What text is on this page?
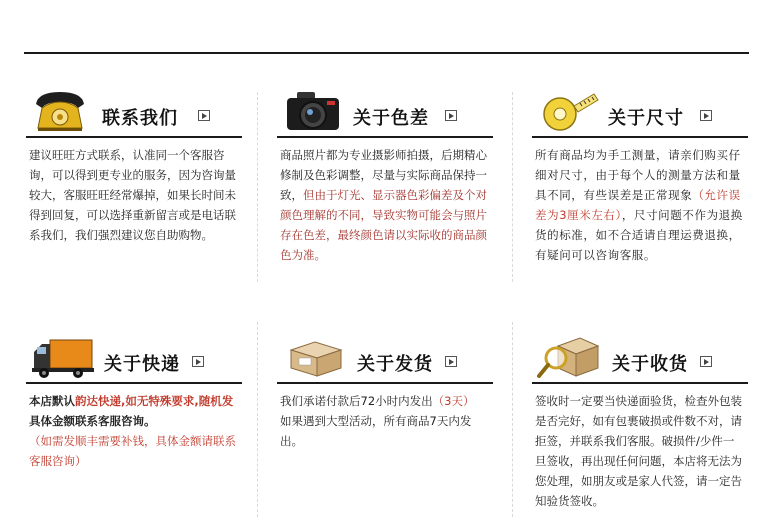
联系我们
建议旺旺方式联系，认准同一个客服咨询，可以得到更专业的服务，因为咨询量较大，客服旺旺经常爆掉，如果长时间未得到回复，可以选择重新留言或是电话联系我们，我们强烈建议您自助购物。
关于色差
商品照片都为专业摄影师拍摄，后期精心修制及色彩调整，尽量与实际商品保持一致，但由于灯光、显示器色彩偏差及个对颜色理解的不同，导致实物可能会与照片存在色差，最终颜色请以实际收的商品颜色为准。
关于尺寸
所有商品均为手工测量，请亲们购买仔细对尺寸，由于每个人的测量方法和量具不同，有些误差是正常现象（允许误差为3厘米左右），尺寸问题不作为退换货的标准，如不合适请自理运费退换，有疑问可以咨询客服。
关于快递
本店默认韵达快递,如无特殊要求,随机发
具体金额联系客服咨询。
（如需发顺丰需要补钱，具体金额请联系客服咨询）
关于发货
我们承诺付款后72小时内发出（3天）
如果遇到大型活动，所有商品7天内发出。
关于收货
签收时一定要当快递面验货，检查外包装是否完好，如有包裹破损或件数不对，请拒签，并联系我们客服。破损件/少件一旦签收，再出现任何问题，本店将无法为您处理，如朋友或是家人代签，请一定告知验货签收。
